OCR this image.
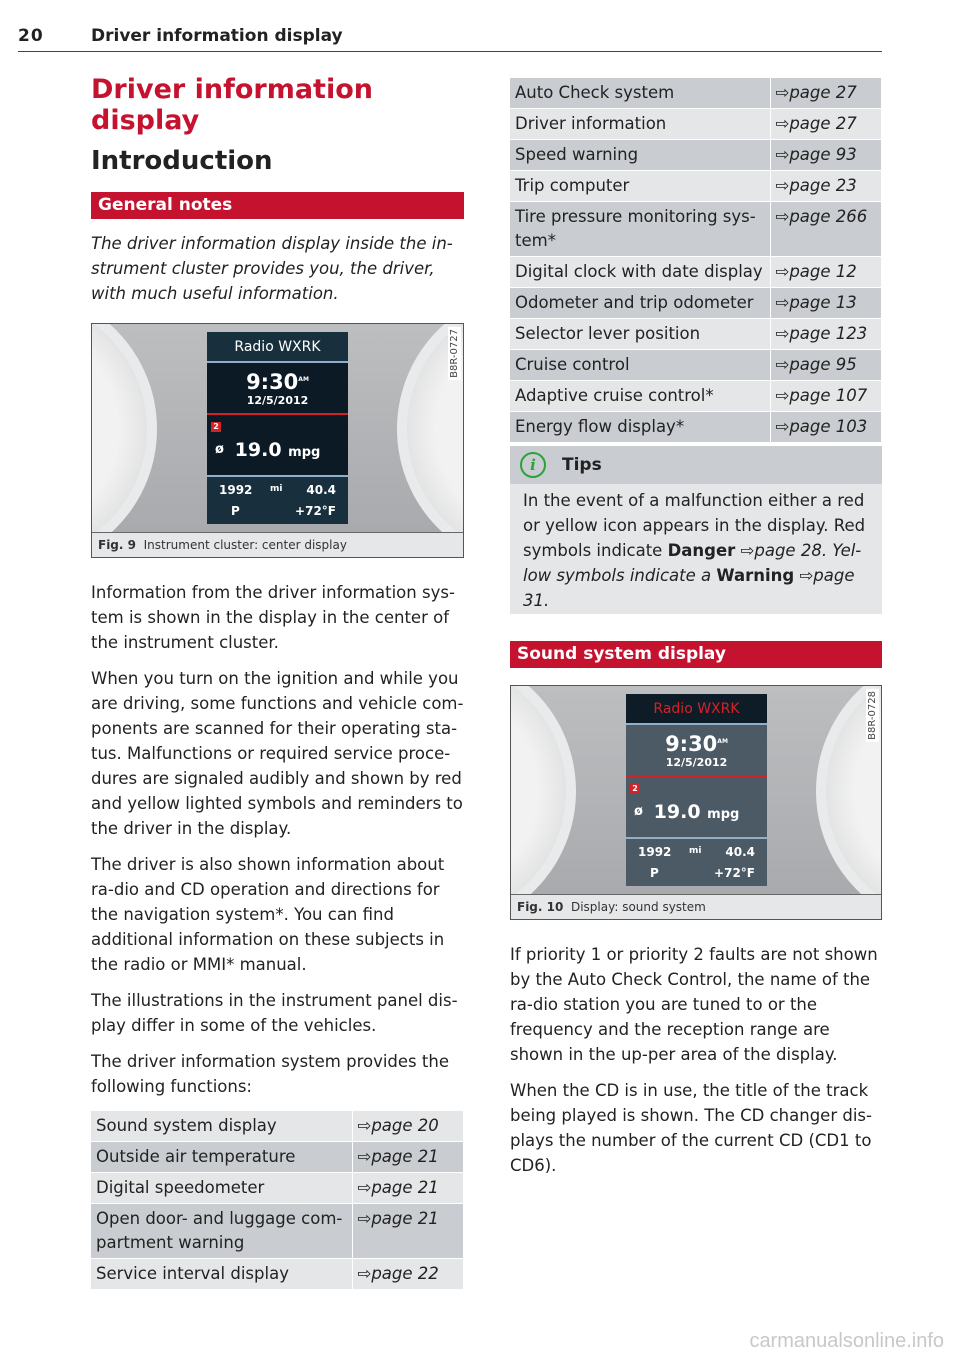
20	Driver information display
Driver information display
Introduction
General notes

The driver information display inside the in-strument cluster provides you, the driver, with much useful information.

Radio WXRK
$9:30^{AM}$
12/5/2012
2
ø 19.0 mpg
1992 mi 40.4
P	+72°F
B8R-0727
Fig. 9 Instrument cluster: center display

Information from the driver information sys-tem is shown in the display in the center of the instrument cluster.

When you turn on the ignition and while you are driving, some functions and vehicle com-ponents are scanned for their operating sta-tus. Malfunctions or required service proce-dures are signaled audibly and shown by red and yellow lighted symbols and reminders to the driver in the display.

The driver is also shown information about ra-dio and CD operation and directions for the navigation system*. You can find additional information on these subjects in the radio or MMI* manual.

The illustrations in the instrument panel dis-play differ in some of the vehicles.

The driver information system provides the following functions:

Sound system display	⇨page 20
Outside air temperature	⇨page 21
Digital speedometer	⇨page 21
Open door- and luggage com-partment warning	⇨page 21
Service interval display	⇨page 22
Auto Check system	⇨page 27
Driver information	⇨page 27
Speed warning	⇨page 93
Trip computer	⇨page 23
Tire pressure monitoring sys-tem*	⇨page 266
Digital clock with date display	⇨page 12
Odometer and trip odometer	⇨page 13
Selector lever position	⇨page 123
Cruise control	⇨page 95
Adaptive cruise control*	⇨page 107
Energy flow display*	⇨page 103
i	Tips

In the event of a malfunction either a red or yellow icon appears in the display. Red symbols indicate Danger ⇨page 28. Yel-low symbols indicate a Warning ⇨page 31.

Sound system display
Radio WXRK
$9:30^{AM}$
12/5/2012
2
ø 19.0 mpg
1992 mi 40.4
P	+72°F
B8R-0728
Fig. 10 Display: sound system

If priority 1 or priority 2 faults are not shown by the Auto Check Control, the name of the ra-dio station you are tuned to or the frequency and the reception range are shown in the up-per area of the display.

When the CD is in use, the title of the track being played is shown. The CD changer dis-plays the number of the current CD (CD1 to CD6).

carmanualsonline.info
